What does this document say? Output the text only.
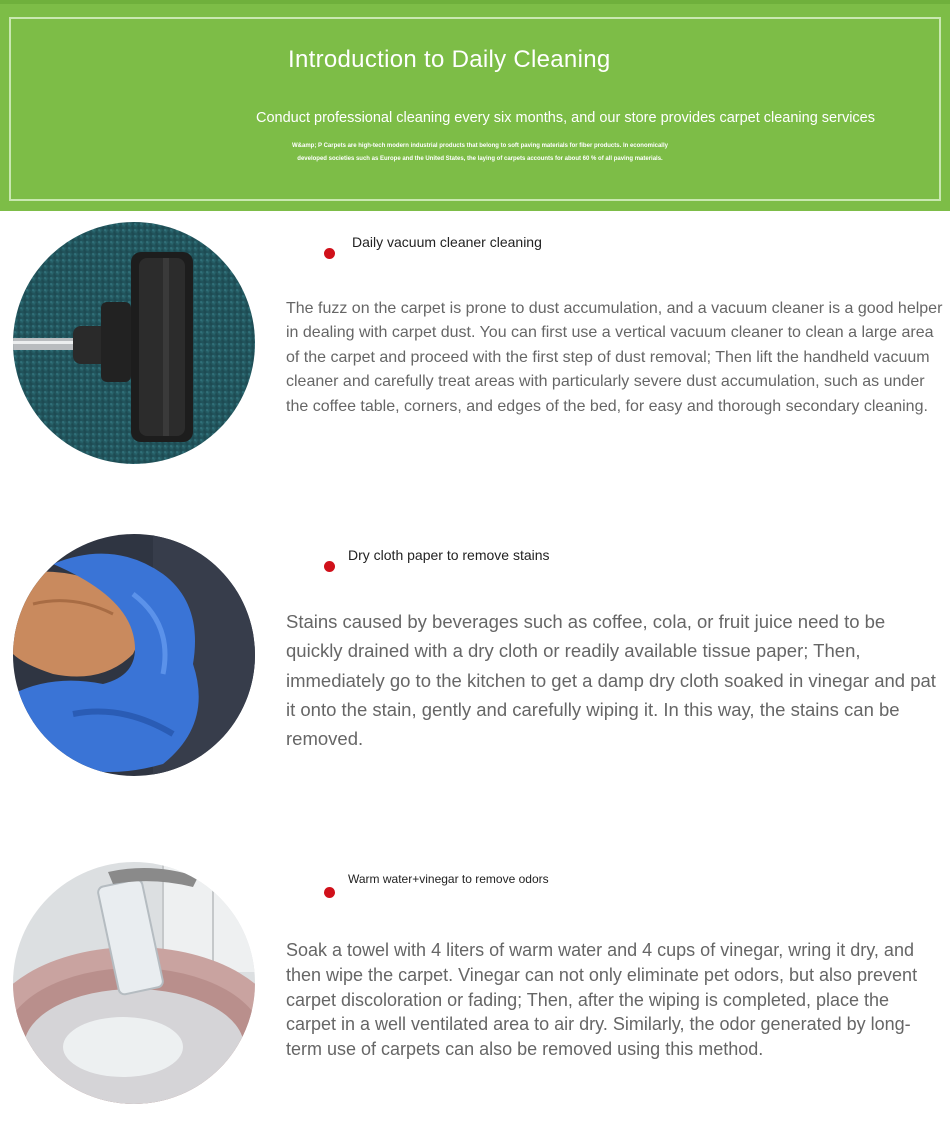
Introduction to Daily Cleaning
Conduct professional cleaning every six months, and our store provides carpet cleaning services
W&amp; P Carpets are high-tech modern industrial products that belong to soft paving materials for fiber products. In economically developed societies such as Europe and the United States, the laying of carpets accounts for about 60 % of all paving materials.
Daily vacuum cleaner cleaning
The fuzz on the carpet is prone to dust accumulation, and a vacuum cleaner is a good helper in dealing with carpet dust. You can first use a vertical vacuum cleaner to clean a large area of the carpet and proceed with the first step of dust removal; Then lift the handheld vacuum cleaner and carefully treat areas with particularly severe dust accumulation, such as under the coffee table, corners, and edges of the bed, for easy and thorough secondary cleaning.
Dry cloth paper to remove stains
Stains caused by beverages such as coffee, cola, or fruit juice need to be quickly drained with a dry cloth or readily available tissue paper; Then, immediately go to the kitchen to get a damp dry cloth soaked in vinegar and pat it onto the stain, gently and carefully wiping it. In this way, the stains can be removed.
Warm water+vinegar to remove odors
Soak a towel with 4 liters of warm water and 4 cups of vinegar, wring it dry, and then wipe the carpet. Vinegar can not only eliminate pet odors, but also prevent carpet discoloration or fading; Then, after the wiping is completed, place the carpet in a well ventilated area to air dry. Similarly, the odor generated by long-term use of carpets can also be removed using this method.
